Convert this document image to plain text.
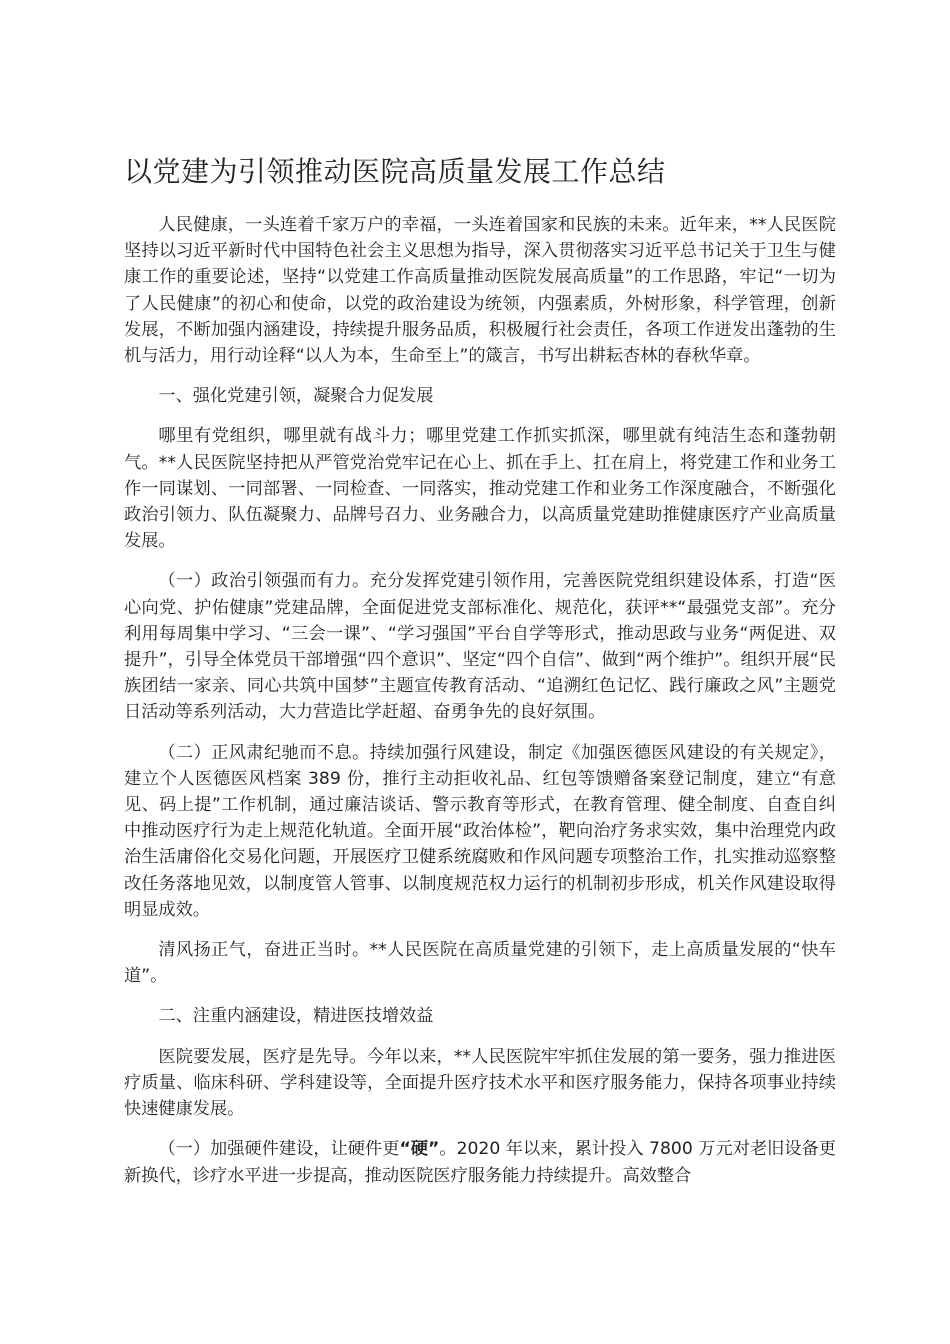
以党建为引领推动医院高质量发展工作总结

人民健康，一头连着千家万户的幸福，一头连着国家和民族的未来。近年来，**人民医院坚持以习近平新时代中国特色社会主义思想为指导，深入贯彻落实习近平总书记关于卫生与健康工作的重要论述，坚持“以党建工作高质量推动医院发展高质量”的工作思路，牢记“一切为了人民健康”的初心和使命，以党的政治建设为统领，内强素质，外树形象，科学管理，创新发展，不断加强内涵建设，持续提升服务品质，积极履行社会责任，各项工作迸发出蓬勃的生机与活力，用行动诠释“以人为本，生命至上”的箴言，书写出耕耘杏林的春秋华章。

一、强化党建引领，凝聚合力促发展

哪里有党组织，哪里就有战斗力；哪里党建工作抓实抓深，哪里就有纯洁生态和蓬勃朝气。**人民医院坚持把从严管党治党牢记在心上、抓在手上、扛在肩上，将党建工作和业务工作一同谋划、一同部署、一同检查、一同落实，推动党建工作和业务工作深度融合，不断强化政治引领力、队伍凝聚力、品牌号召力、业务融合力，以高质量党建助推健康医疗产业高质量发展。

（一）政治引领强而有力。充分发挥党建引领作用，完善医院党组织建设体系，打造“医心向党、护佑健康”党建品牌，全面促进党支部标准化、规范化，获评**“最强党支部”。充分利用每周集中学习、“三会一课”、“学习强国”平台自学等形式，推动思政与业务“两促进、双提升”，引导全体党员干部增强“四个意识”、坚定“四个自信”、做到“两个维护”。组织开展“民族团结一家亲、同心共筑中国梦”主题宣传教育活动、“追溯红色记忆、践行廉政之风”主题党日活动等系列活动，大力营造比学赶超、奋勇争先的良好氛围。

（二）正风肃纪驰而不息。持续加强行风建设，制定《加强医德医风建设的有关规定》，建立个人医德医风档案 389 份，推行主动拒收礼品、红包等馈赠备案登记制度，建立“有意见、码上提”工作机制，通过廉洁谈话、警示教育等形式，在教育管理、健全制度、自查自纠中推动医疗行为走上规范化轨道。全面开展“政治体检”，靶向治疗务求实效，集中治理党内政治生活庸俗化交易化问题，开展医疗卫健系统腐败和作风问题专项整治工作，扎实推动巡察整改任务落地见效，以制度管人管事、以制度规范权力运行的机制初步形成，机关作风建设取得明显成效。

清风扬正气，奋进正当时。**人民医院在高质量党建的引领下，走上高质量发展的“快车道”。

二、注重内涵建设，精进医技增效益

医院要发展，医疗是先导。今年以来，**人民医院牢牢抓住发展的第一要务，强力推进医疗质量、临床科研、学科建设等，全面提升医疗技术水平和医疗服务能力，保持各项事业持续快速健康发展。

（一）加强硬件建设，让硬件更“硬”。2020 年以来，累计投入 7800 万元对老旧设备更新换代，诊疗水平进一步提高，推动医院医疗服务能力持续提升。高效整合
